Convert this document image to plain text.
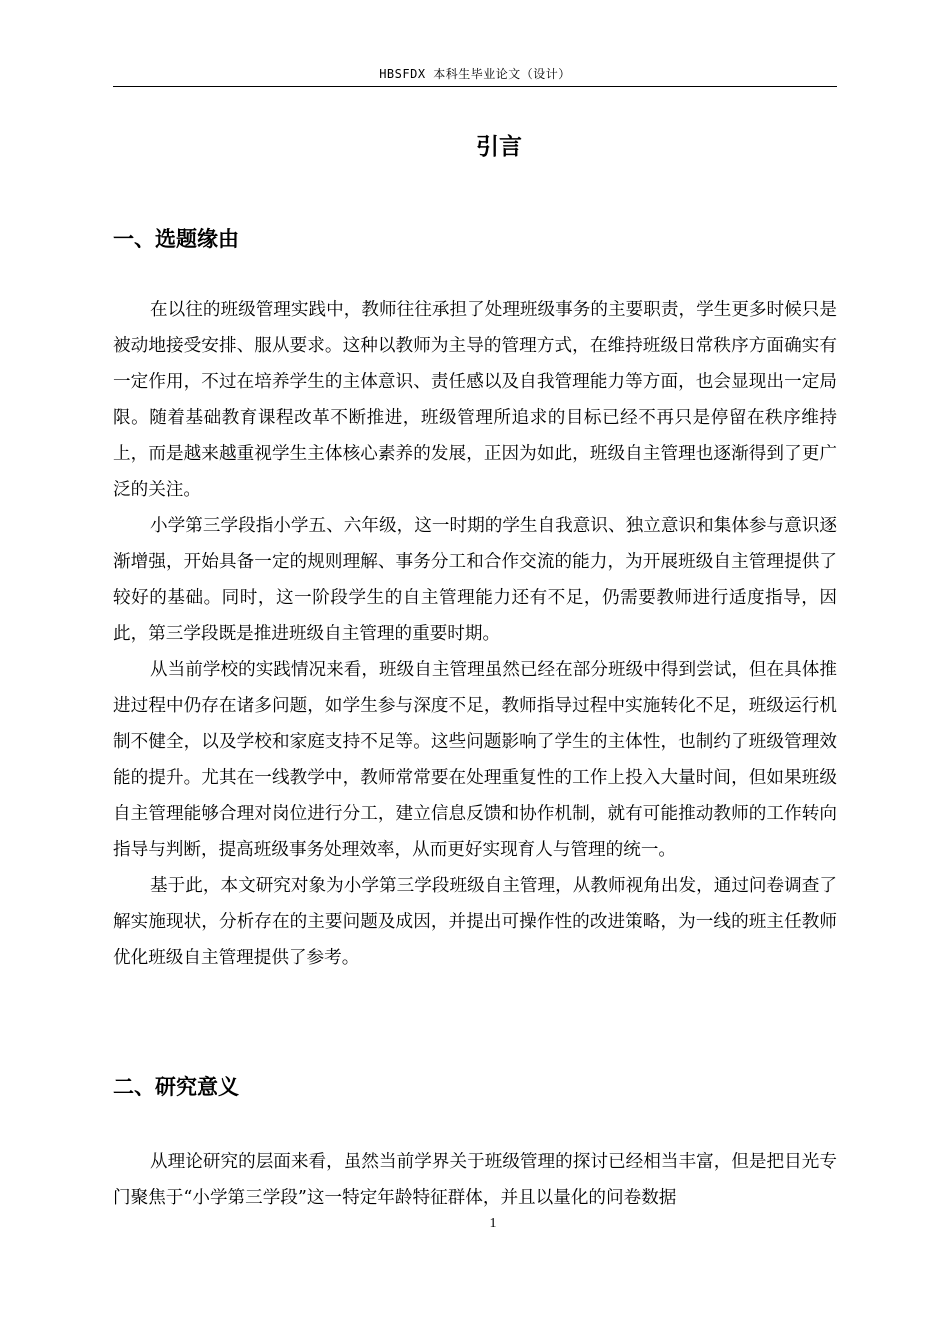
HBSFDX 本科生毕业论文（设计）
引言
一、选题缘由

在以往的班级管理实践中，教师往往承担了处理班级事务的主要职责，学生更多时候只是被动地接受安排、服从要求。这种以教师为主导的管理方式，在维持班级日常秩序方面确实有一定作用，不过在培养学生的主体意识、责任感以及自我管理能力等方面，也会显现出一定局限。随着基础教育课程改革不断推进，班级管理所追求的目标已经不再只是停留在秩序维持上，而是越来越重视学生主体核心素养的发展，正因为如此，班级自主管理也逐渐得到了更广泛的关注。

小学第三学段指小学五、六年级，这一时期的学生自我意识、独立意识和集体参与意识逐渐增强，开始具备一定的规则理解、事务分工和合作交流的能力，为开展班级自主管理提供了较好的基础。同时，这一阶段学生的自主管理能力还有不足，仍需要教师进行适度指导，因此，第三学段既是推进班级自主管理的重要时期。

从当前学校的实践情况来看，班级自主管理虽然已经在部分班级中得到尝试，但在具体推进过程中仍存在诸多问题，如学生参与深度不足，教师指导过程中实施转化不足，班级运行机制不健全，以及学校和家庭支持不足等。这些问题影响了学生的主体性，也制约了班级管理效能的提升。尤其在一线教学中，教师常常要在处理重复性的工作上投入大量时间，但如果班级自主管理能够合理对岗位进行分工，建立信息反馈和协作机制，就有可能推动教师的工作转向指导与判断，提高班级事务处理效率，从而更好实现育人与管理的统一。

基于此，本文研究对象为小学第三学段班级自主管理，从教师视角出发，通过问卷调查了解实施现状，分析存在的主要问题及成因，并提出可操作性的改进策略，为一线的班主任教师优化班级自主管理提供了参考。

二、研究意义

从理论研究的层面来看，虽然当前学界关于班级管理的探讨已经相当丰富，但是把目光专门聚焦于“小学第三学段”这一特定年龄特征群体，并且以量化的问卷数据

1
